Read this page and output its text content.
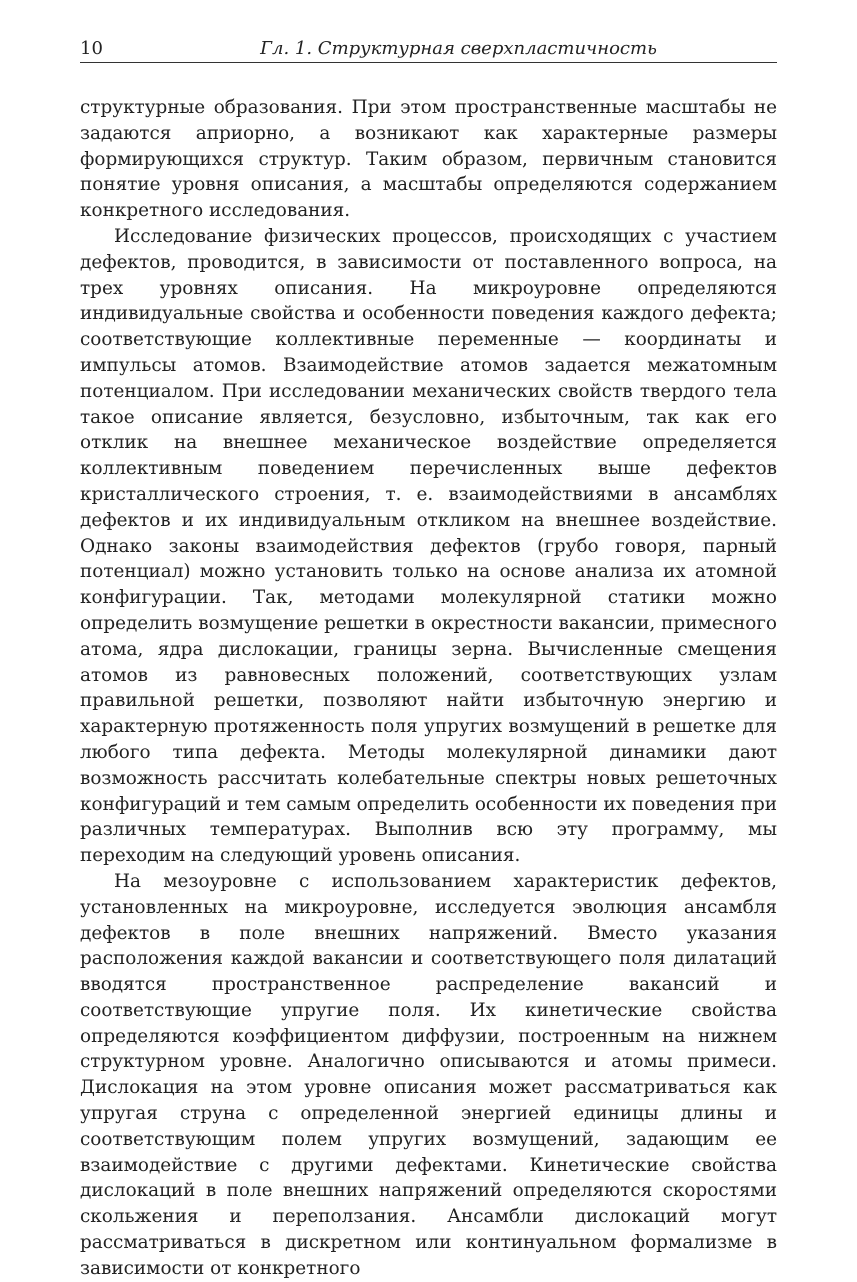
10	Гл. 1. Структурная сверхпластичность

структурные образования. При этом пространственные масштабы не задаются априорно, а возникают как характерные размеры формирующихся структур. Таким образом, первичным становится понятие уровня описания, а масштабы определяются содержанием конкретного исследования.

Исследование физических процессов, происходящих с участием дефектов, проводится, в зависимости от поставленного вопроса, на трех уровнях описания. На микроуровне определяются индивидуальные свойства и особенности поведения каждого дефекта; соответствующие коллективные переменные — координаты и импульсы атомов. Взаимодействие атомов задается межатомным потенциалом. При исследовании механических свойств твердого тела такое описание является, безусловно, избыточным, так как его отклик на внешнее механическое воздействие определяется коллективным поведением перечисленных выше дефектов кристаллического строения, т. е. взаимодействиями в ансамблях дефектов и их индивидуальным откликом на внешнее воздействие. Однако законы взаимодействия дефектов (грубо говоря, парный потенциал) можно установить только на основе анализа их атомной конфигурации. Так, методами молекулярной статики можно определить возмущение решетки в окрестности вакансии, примесного атома, ядра дислокации, границы зерна. Вычисленные смещения атомов из равновесных положений, соответствующих узлам правильной решетки, позволяют найти избыточную энергию и характерную протяженность поля упругих возмущений в решетке для любого типа дефекта. Методы молекулярной динамики дают возможность рассчитать колебательные спектры новых решеточных конфигураций и тем самым определить особенности их поведения при различных температурах. Выполнив всю эту программу, мы переходим на следующий уровень описания.

На мезоуровне с использованием характеристик дефектов, установленных на микроуровне, исследуется эволюция ансамбля дефектов в поле внешних напряжений. Вместо указания расположения каждой вакансии и соответствующего поля дилатаций вводятся пространственное распределение вакансий и соответствующие упругие поля. Их кинетические свойства определяются коэффициентом диффузии, построенным на нижнем структурном уровне. Аналогично описываются и атомы примеси. Дислокация на этом уровне описания может рассматриваться как упругая струна с определенной энергией единицы длины и соответствующим полем упругих возмущений, задающим ее взаимодействие с другими дефектами. Кинетические свойства дислокаций в поле внешних напряжений определяются скоростями скольжения и переползания. Ансамбли дислокаций могут рассматриваться в дискретном или континуальном формализме в зависимости от конкретного
